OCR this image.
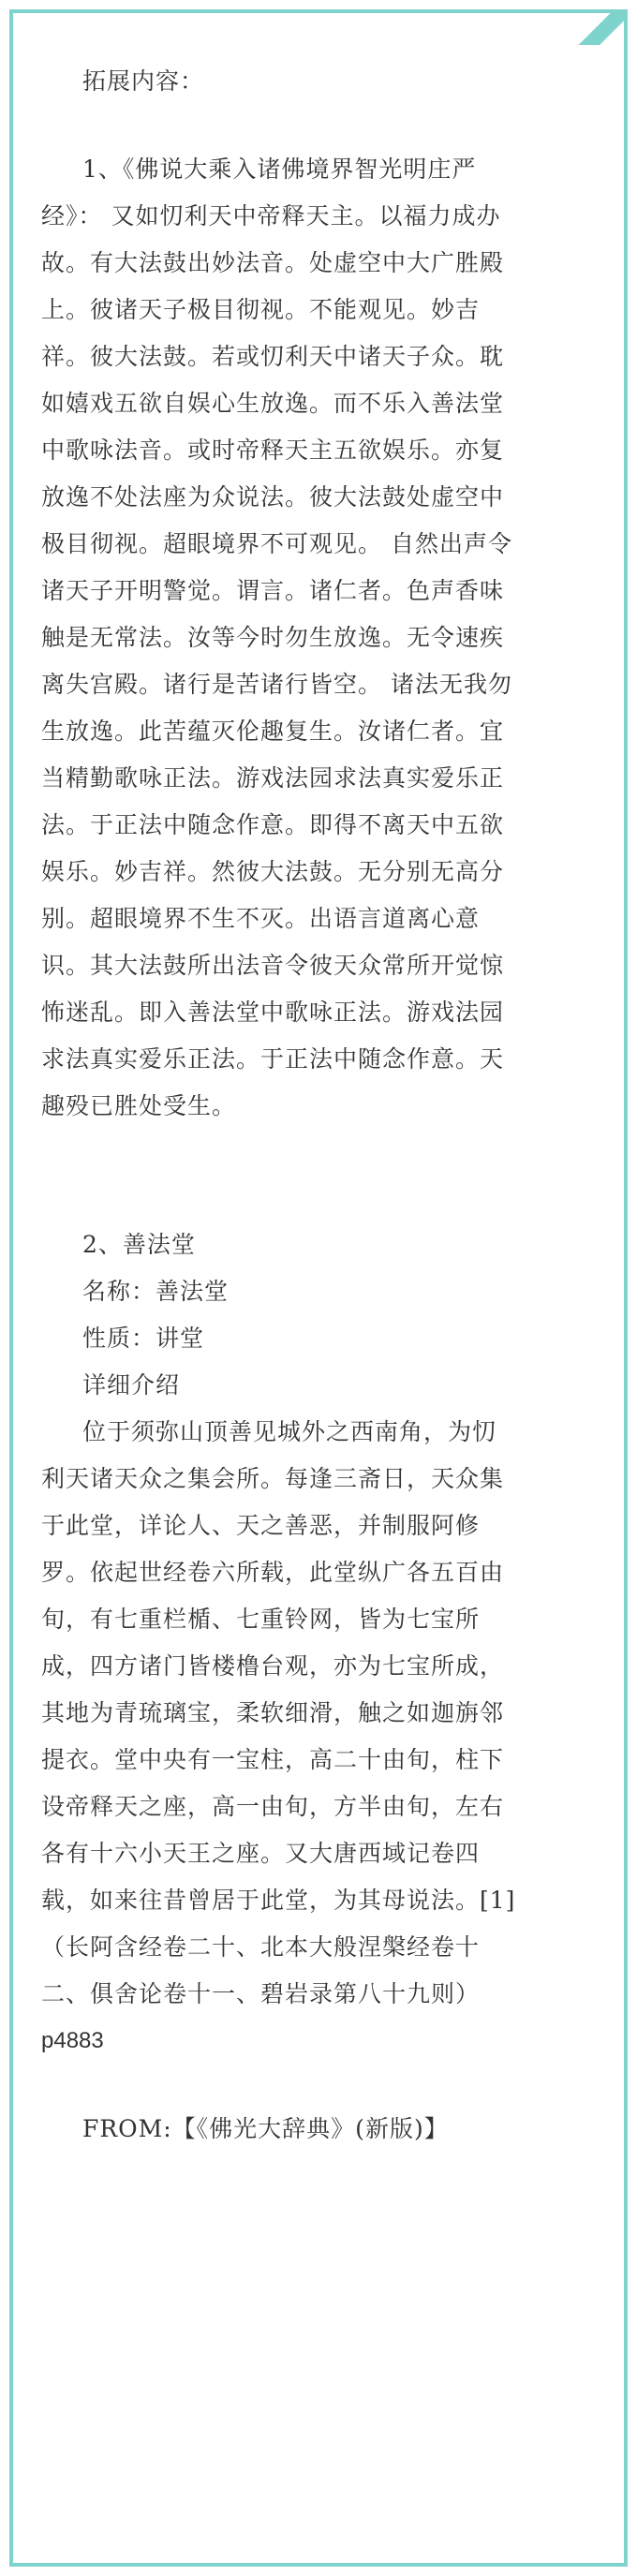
拓展内容：
1、《佛说大乘入诸佛境界智光明庄严
经》： 又如忉利天中帝释天主。以福力成办
故。有大法鼓出妙法音。处虚空中大广胜殿
上。彼诸天子极目彻视。不能观见。妙吉
祥。彼大法鼓。若或忉利天中诸天子众。耽
如嬉戏五欲自娱心生放逸。而不乐入善法堂
中歌咏法音。或时帝释天主五欲娱乐。亦复
放逸不处法座为众说法。彼大法鼓处虚空中
极目彻视。超眼境界不可观见。 自然出声令
诸天子开明警觉。谓言。诸仁者。色声香味
触是无常法。汝等今时勿生放逸。无令速疾
离失宫殿。诸行是苦诸行皆空。 诸法无我勿
生放逸。此苦蕴灭伦趣复生。汝诸仁者。宜
当精勤歌咏正法。游戏法园求法真实爱乐正
法。于正法中随念作意。即得不离天中五欲
娱乐。妙吉祥。然彼大法鼓。无分别无高分
别。超眼境界不生不灭。出语言道离心意
识。其大法鼓所出法音令彼天众常所开觉惊
怖迷乱。即入善法堂中歌咏正法。游戏法园
求法真实爱乐正法。于正法中随念作意。天
趣殁已胜处受生。
2、善法堂
名称：善法堂
性质：讲堂
详细介绍
位于须弥山顶善见城外之西南角，为忉
利天诸天众之集会所。每逢三斋日，天众集
于此堂，详论人、天之善恶，并制服阿修
罗。依起世经卷六所载，此堂纵广各五百由
旬，有七重栏楯、七重铃网，皆为七宝所
成，四方诸门皆楼橹台观，亦为七宝所成，
其地为青琉璃宝，柔软细滑，触之如迦旃邻
提衣。堂中央有一宝柱，高二十由旬，柱下
设帝释天之座，高一由旬，方半由旬，左右
各有十六小天王之座。又大唐西域记卷四
载，如来往昔曾居于此堂，为其母说法。[1]
（长阿含经卷二十、北本大般涅槃经卷十
二、俱舍论卷十一、碧岩录第八十九则）
p4883
FROM:【《佛光大辞典》(新版)】
